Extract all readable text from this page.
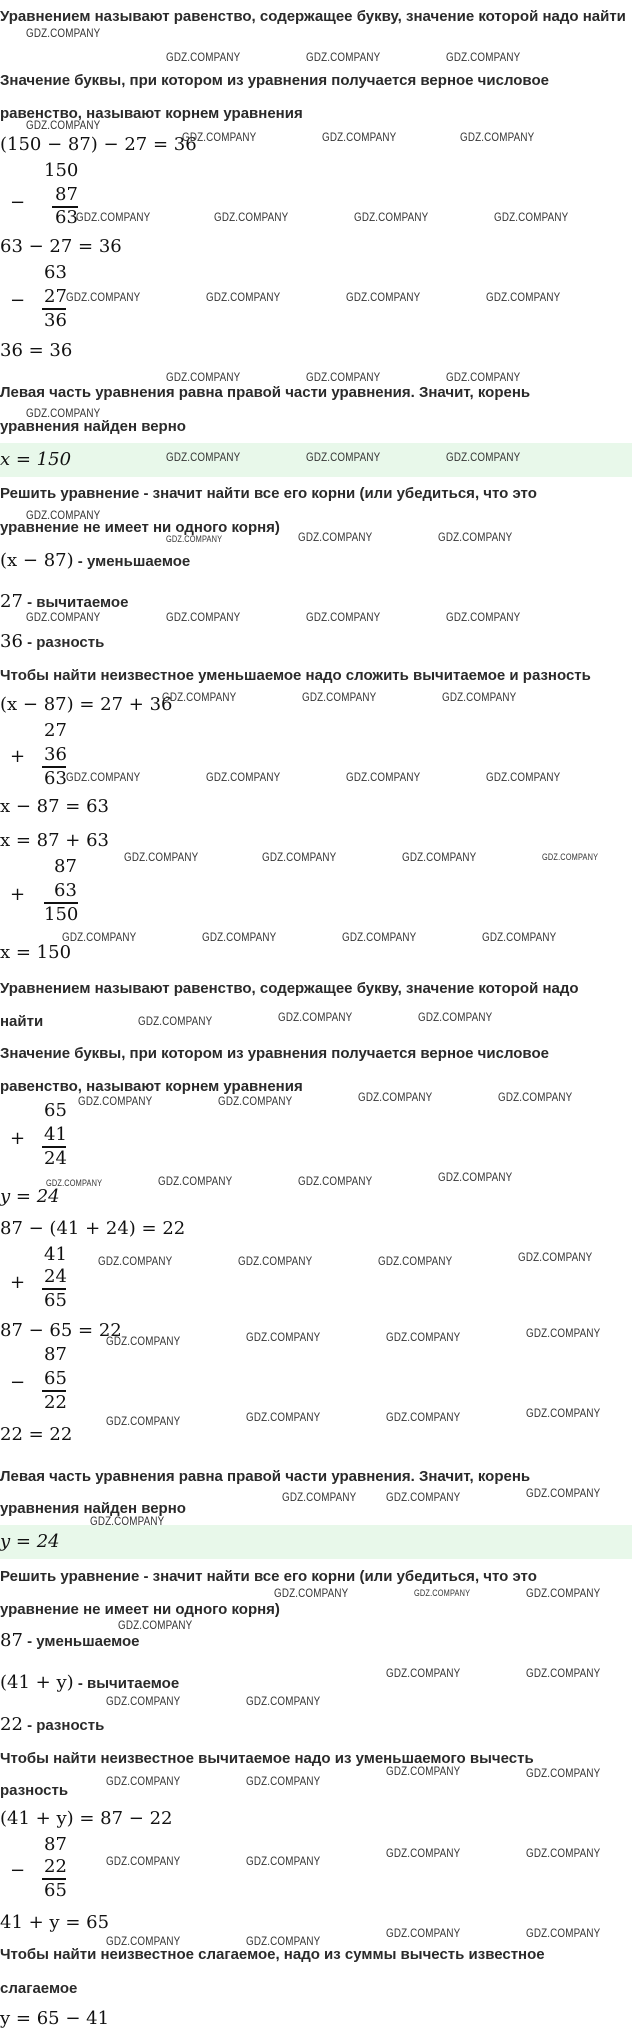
Уравнением называют равенство, содержащее букву, значение которой надо найти
Значение буквы, при котором из уравнения получается верное числовое
равенство, называют корнем уравнения
(150 − 87) − 27 = 36
150
− 87
63
63 − 27 = 36
63
− 27
36
36 = 36
Левая часть уравнения равна правой части уравнения. Значит, корень
уравнения найден верно
x = 150
Решить уравнение - значит найти все его корни (или убедиться, что это
уравнение не имеет ни одного корня)
(x − 87) - уменьшаемое
27 - вычитаемое
36 - разность
Чтобы найти неизвестное уменьшаемое надо сложить вычитаемое и разность
(x − 87) = 27 + 36
27
+ 36
63
x − 87 = 63
x = 87 + 63
87
+ 63
150
x = 150
Уравнением называют равенство, содержащее букву, значение которой надо
найти
Значение буквы, при котором из уравнения получается верное числовое
равенство, называют корнем уравнения
65
+ 41
24
y = 24
87 − (41 + 24) = 22
41
+ 24
65
87 − 65 = 22
87
− 65
22
22 = 22
Левая часть уравнения равна правой части уравнения. Значит, корень
уравнения найден верно
y = 24
Решить уравнение - значит найти все его корни (или убедиться, что это
уравнение не имеет ни одного корня)
87 - уменьшаемое
(41 + y) - вычитаемое
22 - разность
Чтобы найти неизвестное вычитаемое надо из уменьшаемого вычесть
разность
(41 + y) = 87 − 22
87
− 22
65
41 + y = 65
Чтобы найти неизвестное слагаемое, надо из суммы вычесть известное
слагаемое
y = 65 − 41
GDZ.COMPANY
GDZ.COMPANY	GDZ.COMPANY	GDZ.COMPANY
GDZ.COMPANY
GDZ.COMPANY	GDZ.COMPANY	GDZ.COMPANY
GDZ.COMPANY	GDZ.COMPANY	GDZ.COMPANY	GDZ.COMPANY
GDZ.COMPANY	GDZ.COMPANY	GDZ.COMPANY	GDZ.COMPANY
GDZ.COMPANY	GDZ.COMPANY	GDZ.COMPANY
GDZ.COMPANY
GDZ.COMPANY	GDZ.COMPANY	GDZ.COMPANY
GDZ.COMPANY
GDZ.COMPANY	GDZ.COMPANY	GDZ.COMPANY
GDZ.COMPANY	GDZ.COMPANY	GDZ.COMPANY	GDZ.COMPANY
GDZ.COMPANY	GDZ.COMPANY	GDZ.COMPANY
GDZ.COMPANY	GDZ.COMPANY	GDZ.COMPANY	GDZ.COMPANY
GDZ.COMPANY	GDZ.COMPANY	GDZ.COMPANY	GDZ.COMPANY
GDZ.COMPANY	GDZ.COMPANY	GDZ.COMPANY	GDZ.COMPANY
GDZ.COMPANY	GDZ.COMPANY	GDZ.COMPANY
GDZ.COMPANY	GDZ.COMPANY	GDZ.COMPANY	GDZ.COMPANY
GDZ.COMPANY	GDZ.COMPANY	GDZ.COMPANY	GDZ.COMPANY
GDZ.COMPANY	GDZ.COMPANY	GDZ.COMPANY	GDZ.COMPANY
GDZ.COMPANY	GDZ.COMPANY	GDZ.COMPANY	GDZ.COMPANY
GDZ.COMPANY	GDZ.COMPANY	GDZ.COMPANY	GDZ.COMPANY
GDZ.COMPANY GDZ.COMPANY	GDZ.COMPANY
GDZ.COMPANY
GDZ.COMPANY	GDZ.COMPANY	GDZ.COMPANY
GDZ.COMPANY
GDZ.COMPANY	GDZ.COMPANY
GDZ.COMPANY	GDZ.COMPANY
GDZ.COMPANY	GDZ.COMPANY
GDZ.COMPANY	GDZ.COMPANY
GDZ.COMPANY	GDZ.COMPANY
GDZ.COMPANY	GDZ.COMPANY
GDZ.COMPANY	GDZ.COMPANY
GDZ.COMPANY	GDZ.COMPANY
